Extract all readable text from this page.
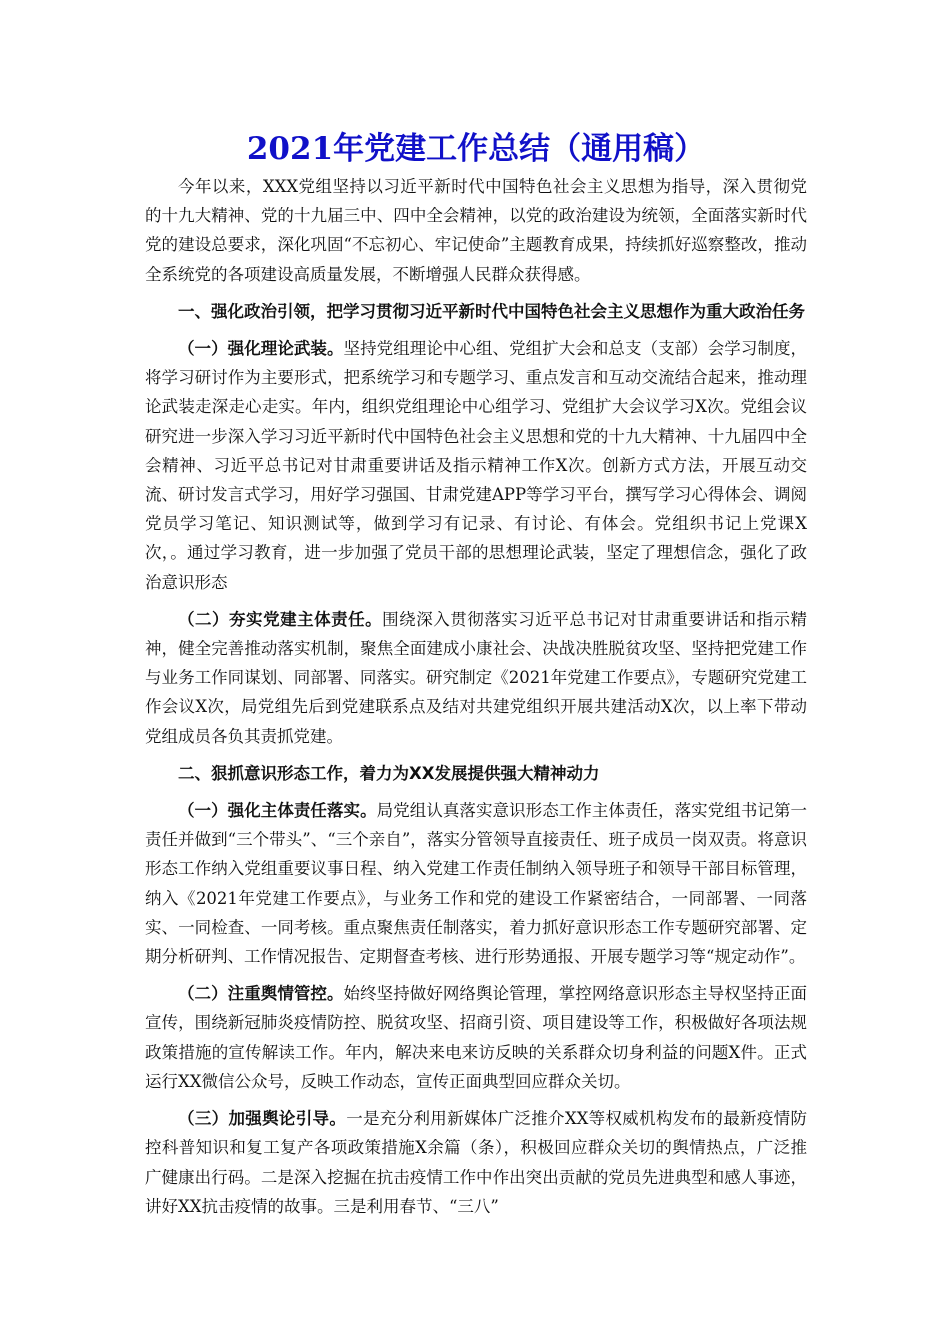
2021年党建工作总结（通用稿）

今年以来，XXX党组坚持以习近平新时代中国特色社会主义思想为指导，深入贯彻党的十九大精神、党的十九届三中、四中全会精神，以党的政治建设为统领，全面落实新时代党的建设总要求，深化巩固“不忘初心、牢记使命”主题教育成果，持续抓好巡察整改，推动全系统党的各项建设高质量发展，不断增强人民群众获得感。

一、强化政治引领，把学习贯彻习近平新时代中国特色社会主义思想作为重大政治任务

（一）强化理论武装。坚持党组理论中心组、党组扩大会和总支（支部）会学习制度，将学习研讨作为主要形式，把系统学习和专题学习、重点发言和互动交流结合起来，推动理论武装走深走心走实。年内，组织党组理论中心组学习、党组扩大会议学习X次。党组会议研究进一步深入学习习近平新时代中国特色社会主义思想和党的十九大精神、十九届四中全会精神、习近平总书记对甘肃重要讲话及指示精神工作X次。创新方式方法，开展互动交流、研讨发言式学习，用好学习强国、甘肃党建APP等学习平台，撰写学习心得体会、调阅党员学习笔记、知识测试等，做到学习有记录、有讨论、有体会。党组织书记上党课X次，。通过学习教育，进一步加强了党员干部的思想理论武装，坚定了理想信念，强化了政治意识形态

（二）夯实党建主体责任。围绕深入贯彻落实习近平总书记对甘肃重要讲话和指示精神，健全完善推动落实机制，聚焦全面建成小康社会、决战决胜脱贫攻坚、坚持把党建工作与业务工作同谋划、同部署、同落实。研究制定《2021年党建工作要点》，专题研究党建工作会议X次，局党组先后到党建联系点及结对共建党组织开展共建活动X次，以上率下带动党组成员各负其责抓党建。

二、狠抓意识形态工作，着力为XX发展提供强大精神动力

（一）强化主体责任落实。局党组认真落实意识形态工作主体责任，落实党组书记第一责任并做到“三个带头”、“三个亲自”，落实分管领导直接责任、班子成员一岗双责。将意识形态工作纳入党组重要议事日程、纳入党建工作责任制纳入领导班子和领导干部目标管理，纳入《2021年党建工作要点》，与业务工作和党的建设工作紧密结合，一同部署、一同落实、一同检查、一同考核。重点聚焦责任制落实，着力抓好意识形态工作专题研究部署、定期分析研判、工作情况报告、定期督查考核、进行形势通报、开展专题学习等“规定动作”。

（二）注重舆情管控。始终坚持做好网络舆论管理，掌控网络意识形态主导权坚持正面宣传，围绕新冠肺炎疫情防控、脱贫攻坚、招商引资、项目建设等工作，积极做好各项法规政策措施的宣传解读工作。年内，解决来电来访反映的关系群众切身利益的问题X件。正式运行XX微信公众号，反映工作动态，宣传正面典型回应群众关切。

（三）加强舆论引导。一是充分利用新媒体广泛推介XX等权威机构发布的最新疫情防控科普知识和复工复产各项政策措施X余篇（条），积极回应群众关切的舆情热点，广泛推广健康出行码。二是深入挖掘在抗击疫情工作中作出突出贡献的党员先进典型和感人事迹，讲好XX抗击疫情的故事。三是利用春节、“三八”
